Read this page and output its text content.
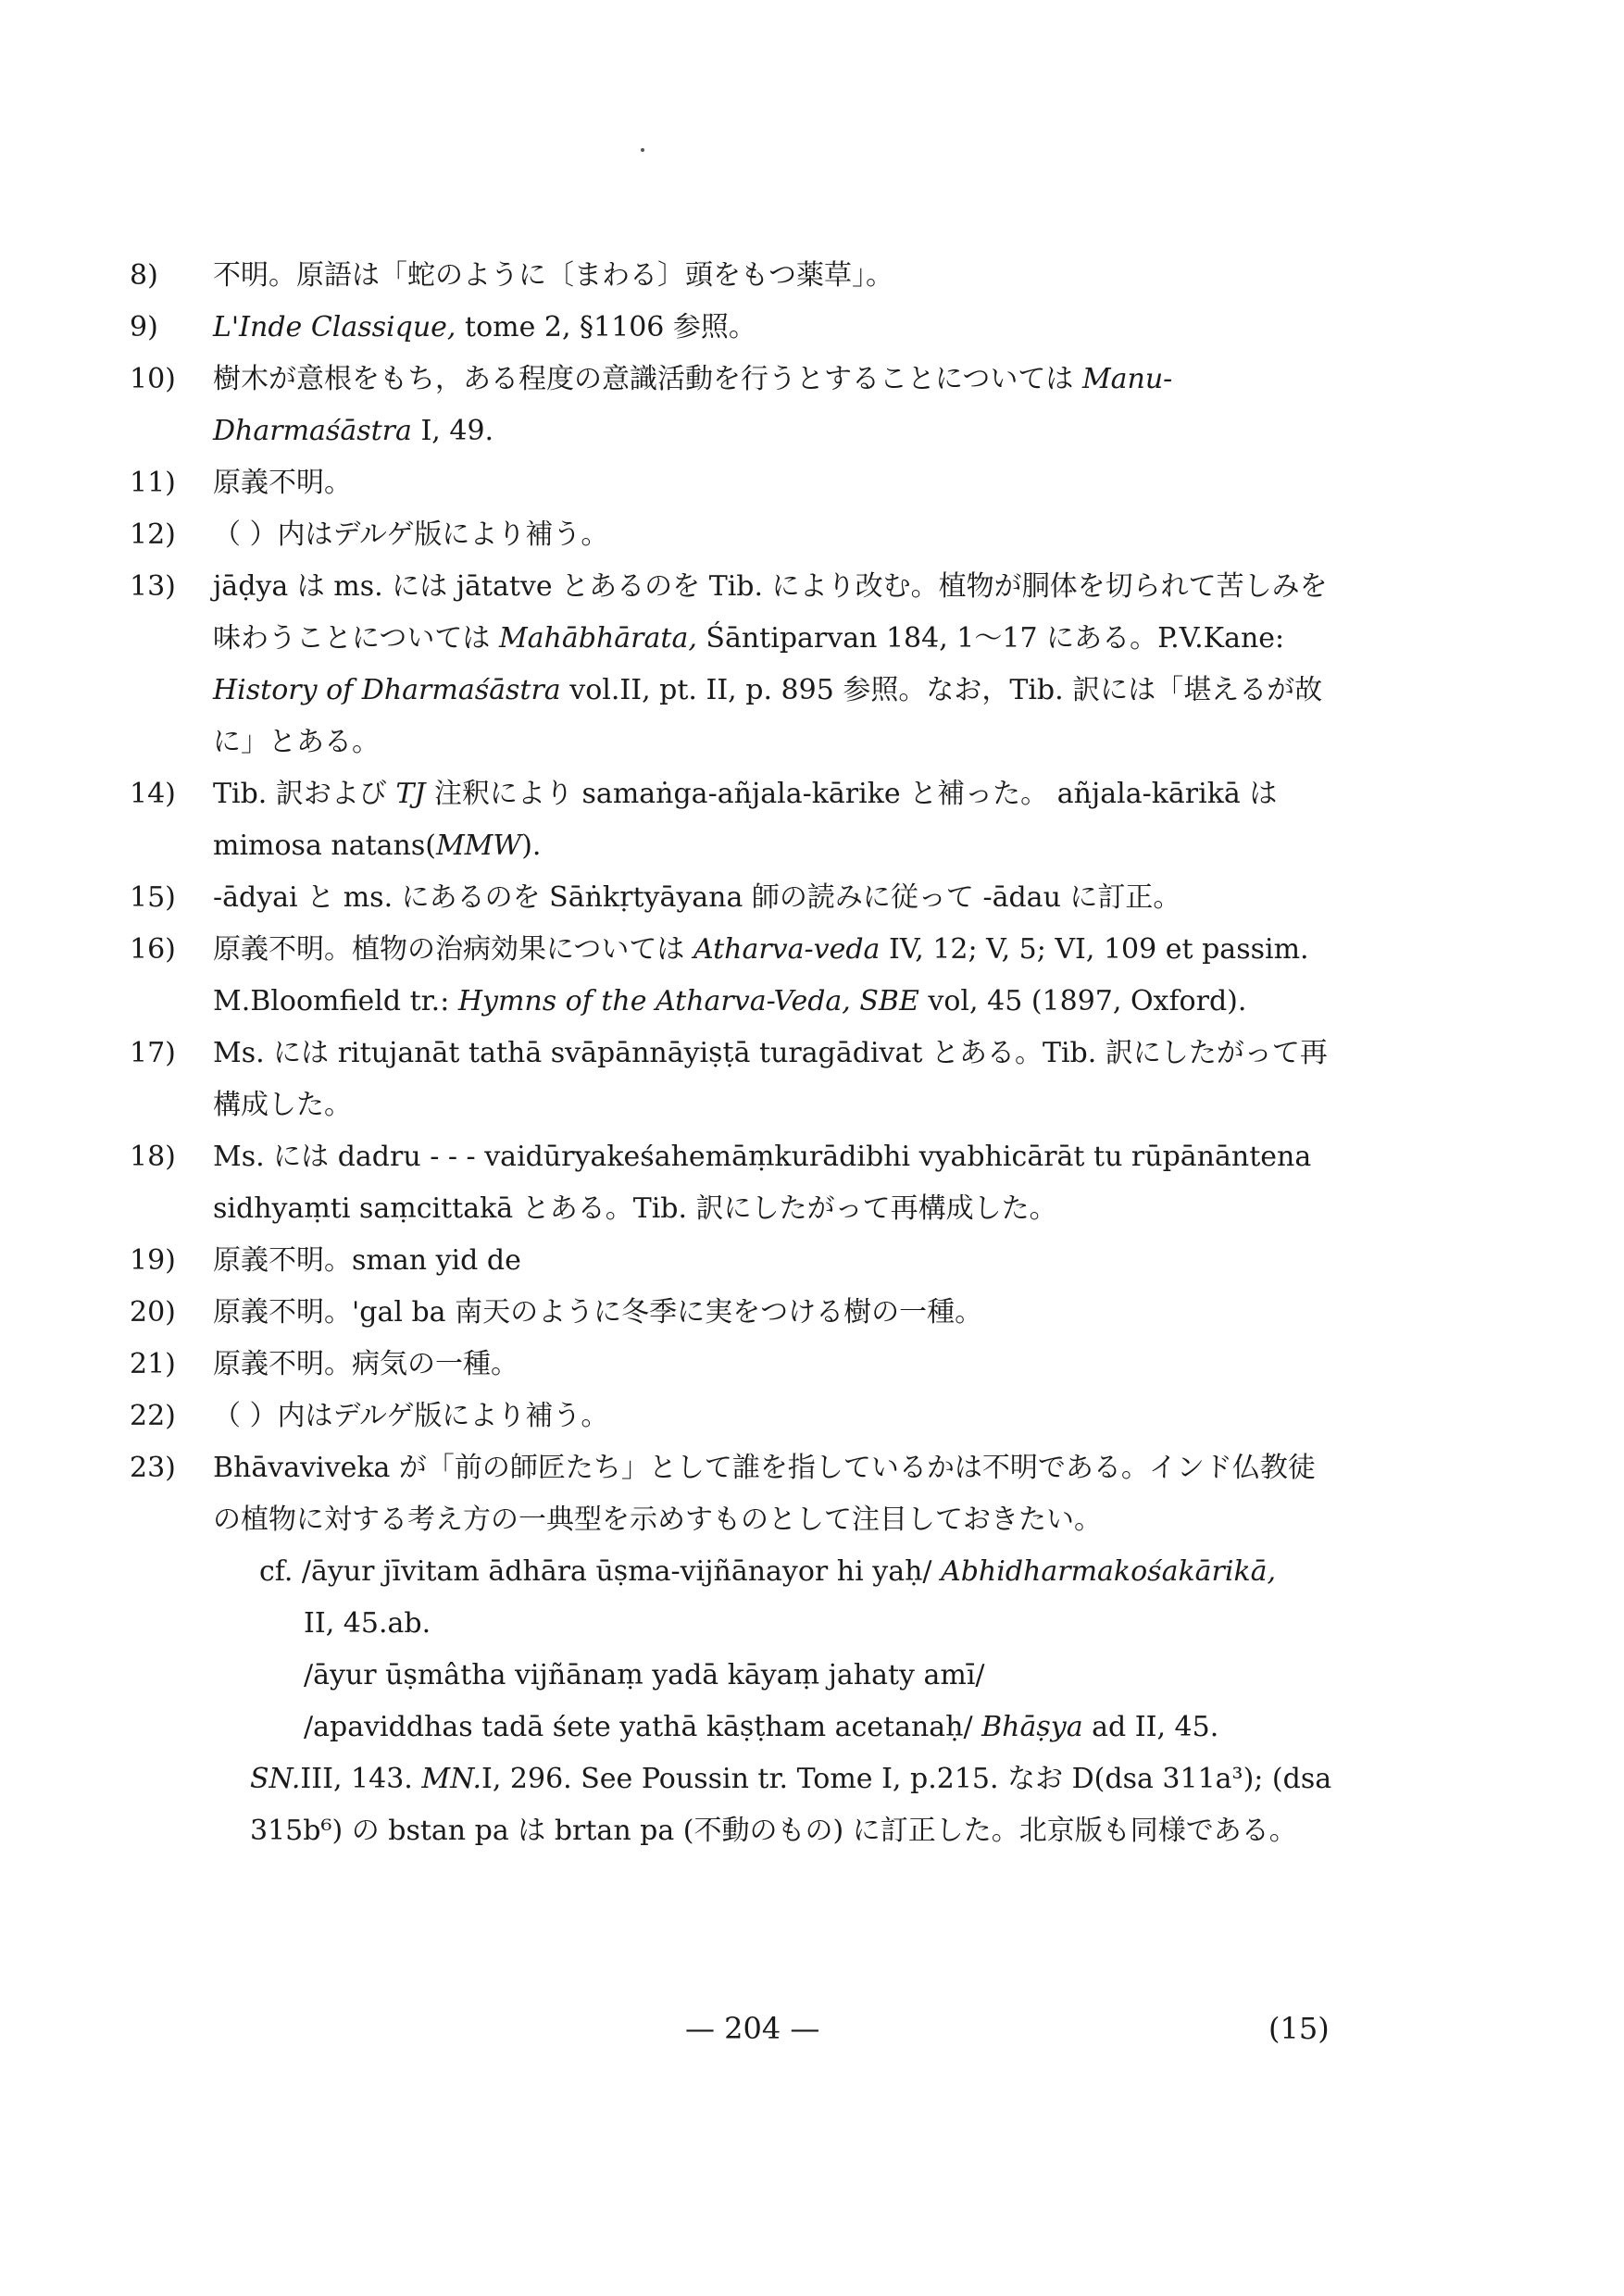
8)	不明。原語は「蛇のように〔まわる〕頭をもつ薬草」。
9)	L'Inde Classique, tome 2, §1106 参照。
10)	樹木が意根をもち，ある程度の意識活動を行うとすることについては Manu-Dharmaśāstra I, 49.
11)	原義不明。
12)	（ ）内はデルゲ版により補う。
13)	jāḍya は ms. には jātatve とあるのを Tib. により改む。植物が胴体を切られて苦しみを味わうことについては Mahābhārata, Śāntiparvan 184, 1～17 にある。P.V.Kane: History of Dharmaśāstra vol.II, pt. II, p. 895 参照。なお，Tib. 訳には「堪えるが故に」とある。
14)	Tib. 訳および TJ 注釈により samaṅga-añjala-kārike と補った。 añjala-kārikā は mimosa natans(MMW).
15)	-ādyai と ms. にあるのを Sāṅkṛtyāyana 師の読みに従って -ādau に訂正。
16)	原義不明。植物の治病効果については Atharva-veda IV, 12; V, 5; VI, 109 et passim. M.Bloomfield tr.: Hymns of the Atharva-Veda, SBE vol, 45 (1897, Oxford).
17)	Ms. には ritujanāt tathā svāpānnāyiṣṭā turagādivat とある。Tib. 訳にしたがって再構成した。
18)	Ms. には dadru - - - vaidūryakeśahemāṃkurādibhi vyabhicārāt tu rūpānāntena sidhyaṃti saṃcittakā とある。Tib. 訳にしたがって再構成した。
19)	原義不明。sman yid de
20)	原義不明。'gal ba 南天のように冬季に実をつける樹の一種。
21)	原義不明。病気の一種。
22)	（ ）内はデルゲ版により補う。
23)	Bhāvaviveka が「前の師匠たち」として誰を指しているかは不明である。インド仏教徒の植物に対する考え方の一典型を示めすものとして注目しておきたい。
cf. /āyur jīvitam ādhāra ūṣma-vijñānayor hi yaḥ/ Abhidharmakośakārikā,
II, 45.ab.
/āyur ūṣmâtha vijñānaṃ yadā kāyaṃ jahaty amī/
/apaviddhas tadā śete yathā kāṣṭham acetanaḥ/ Bhāṣya ad II, 45.
SN.III, 143. MN.I, 296. See Poussin tr. Tome I, p.215. なお D(dsa 311a³); (dsa 315b⁶) の bstan pa は brtan pa (不動のもの) に訂正した。北京版も同様である。
— 204 —	(15)
